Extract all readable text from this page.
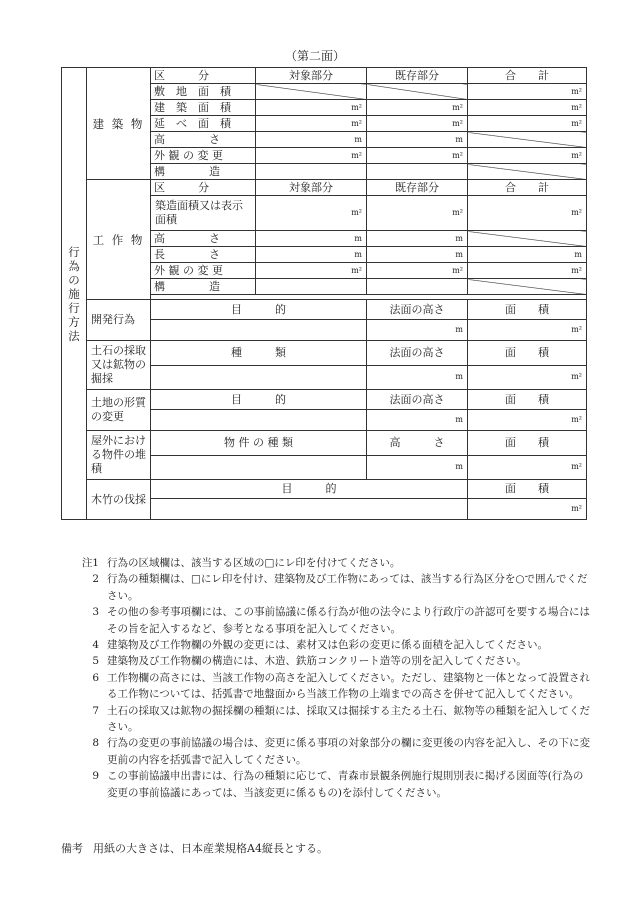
（第二面）
行為の施行方法	建 築 物	区　　　分	対象部分	既存部分	合　　計
		敷　地　面　積			m²
		建　築　面　積	m²	m²	m²
		延　べ　面　積	m²	m²	m²
		高　　　　さ	m	m	
		外 観 の 変 更	m²	m²	m²
		構　　　　造			
	工 作 物	区　　　分	対象部分	既存部分	合　　計
		築造面積又は表示面積	m²	m²	m²
		高　　　　さ	m	m	
		長　　　　さ	m	m	m
		外 観 の 変 更	m²	m²	m²
		構　　　　造			

	開発行為	目　　　的		法面の高さ	面　　積
				m	m²
	土石の採取又は鉱物の掘採	種　　　類		法面の高さ	面　　積
				m	m²
	土地の形質の変更	目　　　的		法面の高さ	面　　積
				m	m²
	屋外における物件の堆積	物 件 の 種 類		高　　　さ	面　　積
				m	m²
	木竹の伐採	目　　　的			面　　積
					m²
注1 行為の区域欄は、該当する区域の□にレ印を付けてください。
2 行為の種類欄は、□にレ印を付け、建築物及び工作物にあっては、該当する行為区分を○で囲んでください。
3 その他の参考事項欄には、この事前協議に係る行為が他の法令により行政庁の許認可を要する場合にはその旨を記入するなど、参考となる事項を記入してください。
4 建築物及び工作物欄の外観の変更には、素材又は色彩の変更に係る面積を記入してください。
5 建築物及び工作物欄の構造には、木造、鉄筋コンクリート造等の別を記入してください。
6 工作物欄の高さには、当該工作物の高さを記入してください。ただし、建築物と一体となって設置される工作物については、括弧書で地盤面から当該工作物の上端までの高さを併せて記入してください。
7 土石の採取又は鉱物の掘採欄の種類には、採取又は掘採する主たる土石、鉱物等の種類を記入してください。
8 行為の変更の事前協議の場合は、変更に係る事項の対象部分の欄に変更後の内容を記入し、その下に変更前の内容を括弧書で記入してください。
9 この事前協議申出書には、行為の種類に応じて、青森市景観条例施行規則別表に掲げる図面等(行為の変更の事前協議にあっては、当該変更に係るもの)を添付してください。
備考 用紙の大きさは、日本産業規格A4縦長とする。
